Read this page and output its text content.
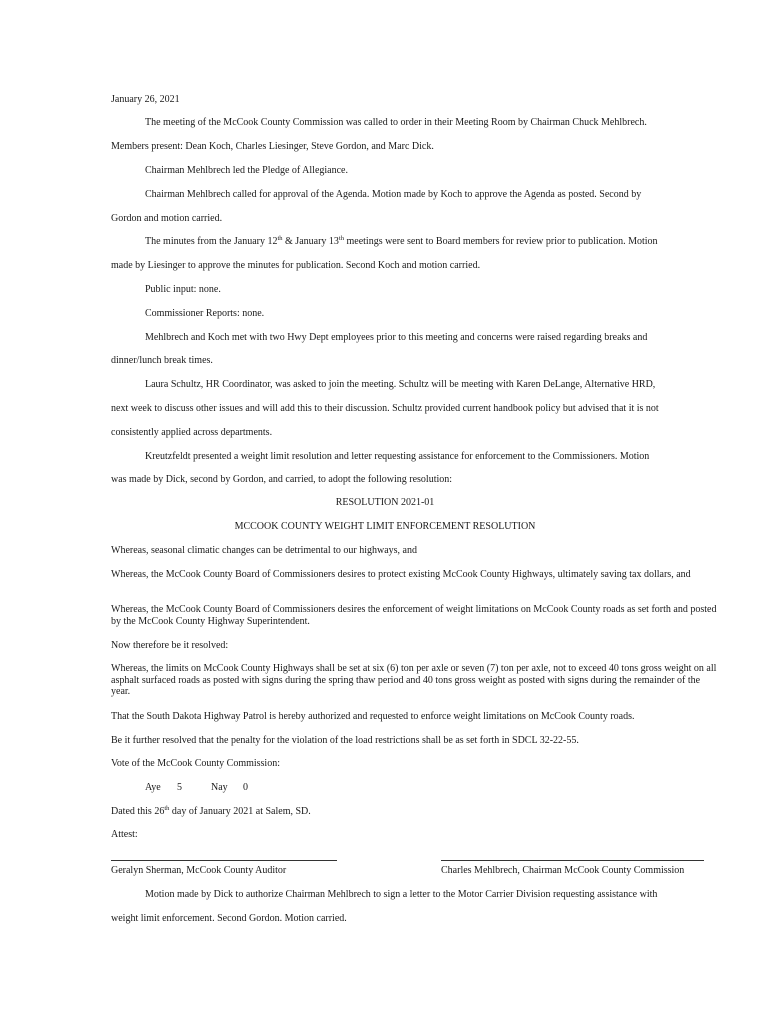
January 26, 2021
The meeting of the McCook County Commission was called to order in their Meeting Room by Chairman Chuck Mehlbrech.
Members present: Dean Koch, Charles Liesinger, Steve Gordon, and Marc Dick.
Chairman Mehlbrech led the Pledge of Allegiance.
Chairman Mehlbrech called for approval of the Agenda. Motion made by Koch to approve the Agenda as posted. Second by
Gordon and motion carried.
The minutes from the January 12th & January 13th meetings were sent to Board members for review prior to publication. Motion
made by Liesinger to approve the minutes for publication. Second Koch and motion carried.
Public input: none.
Commissioner Reports: none.
Mehlbrech and Koch met with two Hwy Dept employees prior to this meeting and concerns were raised regarding breaks and
dinner/lunch break times.
Laura Schultz, HR Coordinator, was asked to join the meeting. Schultz will be meeting with Karen DeLange, Alternative HRD,
next week to discuss other issues and will add this to their discussion. Schultz provided current handbook policy but advised that it is not
consistently applied across departments.
Kreutzfeldt presented a weight limit resolution and letter requesting assistance for enforcement to the Commissioners. Motion
was made by Dick, second by Gordon, and carried, to adopt the following resolution:
RESOLUTION 2021-01
MCCOOK COUNTY WEIGHT LIMIT ENFORCEMENT RESOLUTION
Whereas, seasonal climatic changes can be detrimental to our highways, and
Whereas, the McCook County Board of Commissioners desires to protect existing McCook County Highways, ultimately saving tax dollars, and
Whereas, the McCook County Board of Commissioners desires the enforcement of weight limitations on McCook County roads as set forth and posted by the McCook County Highway Superintendent.
Now therefore be it resolved:
Whereas, the limits on McCook County Highways shall be set at six (6) ton per axle or seven (7) ton per axle, not to exceed 40 tons gross weight on all asphalt surfaced roads as posted with signs during the spring thaw period and 40 tons gross weight as posted with signs during the remainder of the year.
That the South Dakota Highway Patrol is hereby authorized and requested to enforce weight limitations on McCook County roads.
Be it further resolved that the penalty for the violation of the load restrictions shall be as set forth in SDCL 32-22-55.
Vote of the McCook County Commission:
Aye 5	Nay 0
Dated this 26th day of January 2021 at Salem, SD.
Attest:
Geralyn Sherman, McCook County Auditor	Charles Mehlbrech, Chairman McCook County Commission
Motion made by Dick to authorize Chairman Mehlbrech to sign a letter to the Motor Carrier Division requesting assistance with
weight limit enforcement. Second Gordon. Motion carried.
